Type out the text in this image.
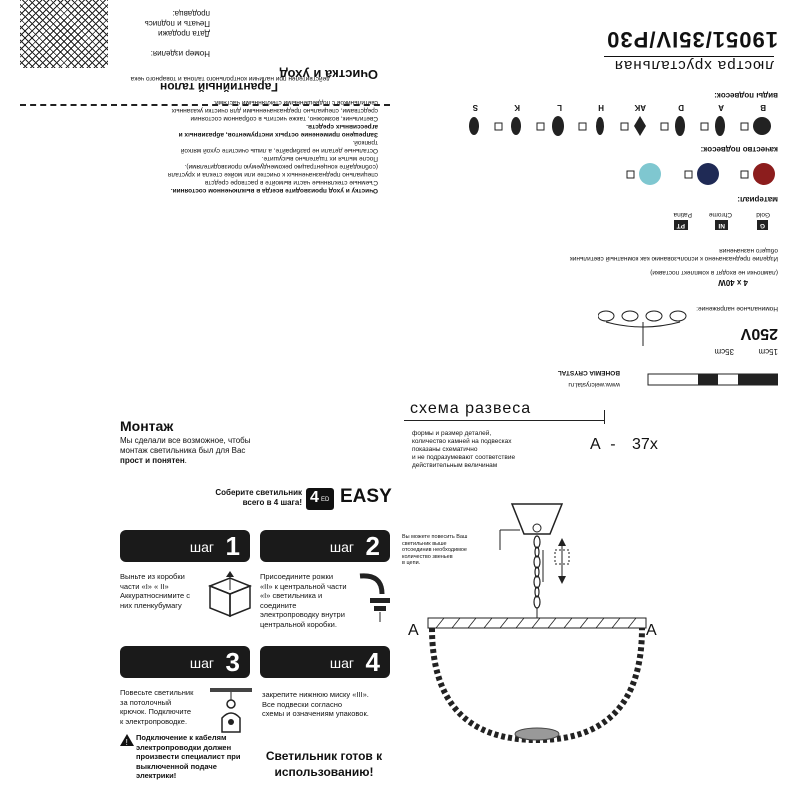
19051/35IV/P30
люстра хрустальная
виды подвесок:
B
A
D
AK
H
L
K
S
качество подвесок:
материал:
G
Gold
NI
Chrome
PT
Patina
Изделие предназначено к использованию как комнатный светильник общего назначения
4 x 40W
(лампочки не входят в комплект поставки)
Номинальное напряжение:
250V
15cm
35cm
www.welcrystal.ru
BOHEMIA CRYSTAL
Очистка и уход
Очистку и уход производите всегда в выключенном состоянии.
Съемные стеклянные части вымойте в растворе средств
специально предназначенных к очистке или мойке стекла и хрусталя
(соблюдайте концентрацию рекомендуемую производителями).
После мытья их тщательно высушите.
Остальные детали не разбирайте, а лишь очистите сухой мягкой
тряпкой.
Запрещено применение острых инструментов, абразивных и
агрессивных средств.
Светильник, возможно, также чистить в собранном состоянии
средствами, специально предназначенными для очистки указанных
светильников с подвешенными стеклянными частями.
Гарантийный талон
действителен при наличии контрольного талона и товарного чека
Номер изделия:
Дата продажи
Печать и подпись продавца:
Монтаж
Мы сделали все возможное, чтобы
монтаж светильника был для Вас
прост и понятен.
Соберите светильник
всего в 4 шага! 4 ED EASY
шаг 1	шаг 2
шаг 3	шаг 4
Выньте из коробки
части «I» « II»
Аккуратноснимите с
них пленкубумагу
Присоедините рожки
«II» к центральной части
«I» светильника и
соедините
электропроводку внутри
центральной коробки.
Повесьте светильник
за потолочный
крючок. Подключите
к электропроводке.
!
Подключение к кабелям
электропроводки должен
произвести специалист при
выключенной подаче электрики!
закрепите нижнюю миску «III».
Все подвески согласно
схемы и означениям упаковок.
Светильник готов к
использованию!
схема развеса
формы и размер деталей,
количество камней на подвесках
показаны схематично
и не подразумевают соответствие
действительным величинам
A - 37x
Вы можете повесить Ваш
светильник выше
отсоединив необходимое
количество звеньев
в цепи.
A	A
